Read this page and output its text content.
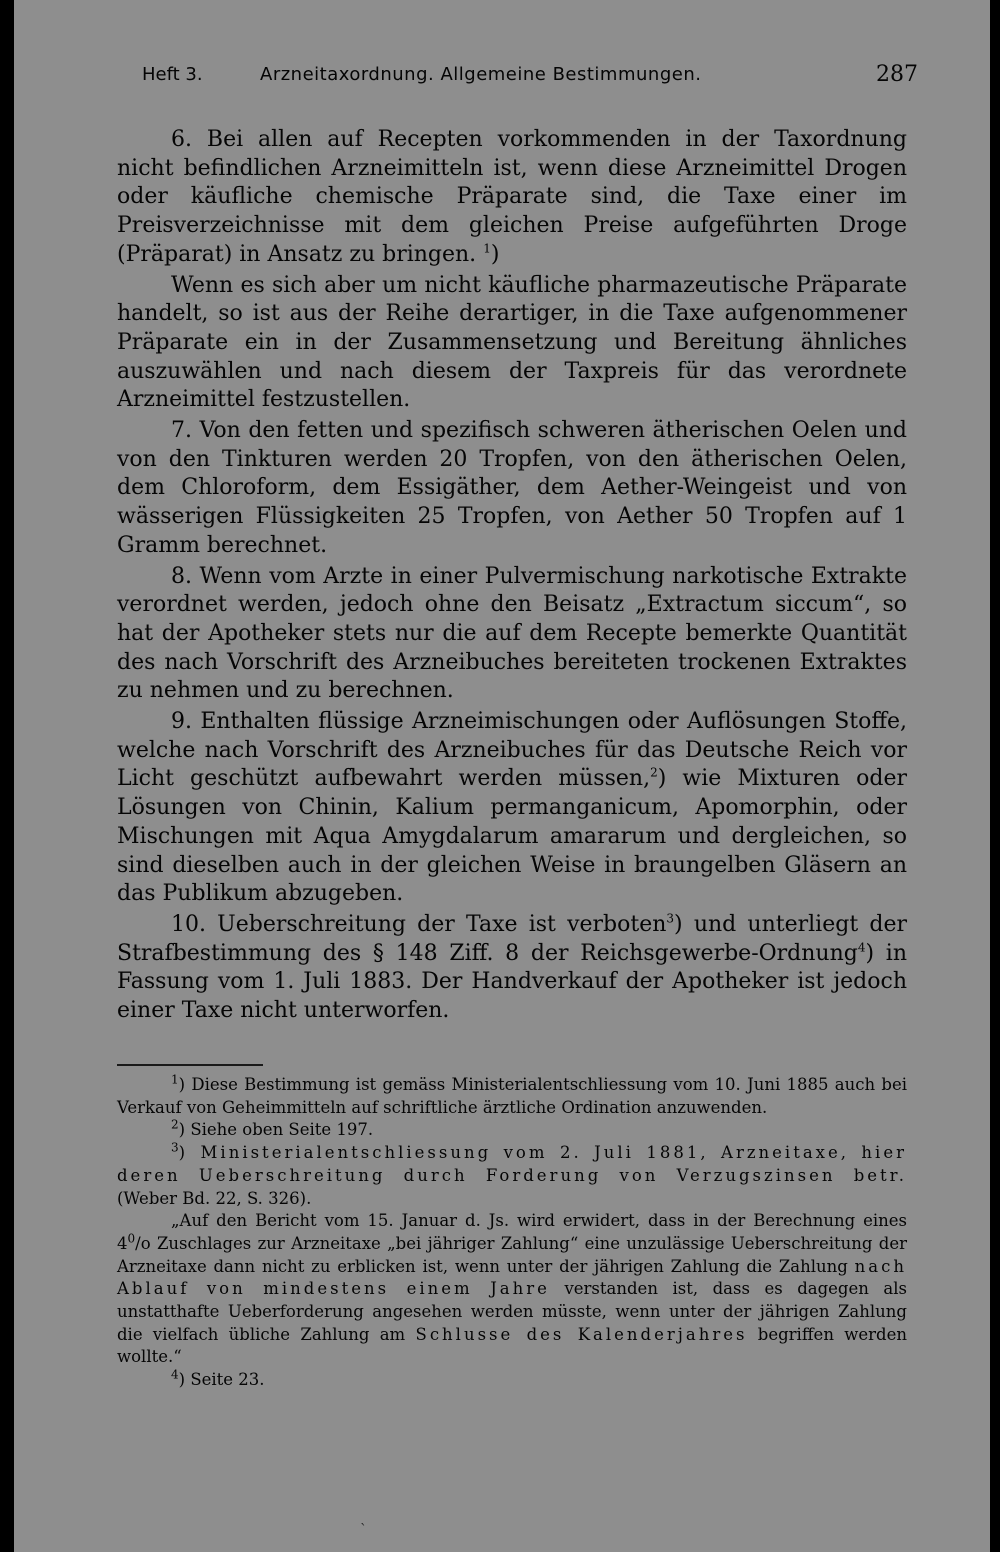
Heft 3.	Arzneitaxordnung. Allgemeine Bestimmungen.	287

6. Bei allen auf Recepten vorkommenden in der Taxordnung nicht befindlichen Arzneimitteln ist, wenn diese Arzneimittel Drogen oder käufliche chemische Präparate sind, die Taxe einer im Preisverzeichnisse mit dem gleichen Preise aufgeführten Droge (Präparat) in Ansatz zu bringen. $^1$)

Wenn es sich aber um nicht käufliche pharmazeutische Präparate handelt, so ist aus der Reihe derartiger, in die Taxe aufgenommener Präparate ein in der Zusammensetzung und Bereitung ähnliches auszuwählen und nach diesem der Taxpreis für das verordnete Arzneimittel festzustellen.

7. Von den fetten und spezifisch schweren ätherischen Oelen und von den Tinkturen werden 20 Tropfen, von den ätherischen Oelen, dem Chloroform, dem Essigäther, dem Aether-Weingeist und von wässerigen Flüssigkeiten 25 Tropfen, von Aether 50 Tropfen auf 1 Gramm berechnet.

8. Wenn vom Arzte in einer Pulvermischung narkotische Extrakte verordnet werden, jedoch ohne den Beisatz „Extractum siccum“, so hat der Apotheker stets nur die auf dem Recepte bemerkte Quantität des nach Vorschrift des Arzneibuches bereiteten trockenen Extraktes zu nehmen und zu berechnen.

9. Enthalten flüssige Arzneimischungen oder Auflösungen Stoffe, welche nach Vorschrift des Arzneibuches für das Deutsche Reich vor Licht geschützt aufbewahrt werden müssen,$^2$) wie Mixturen oder Lösungen von Chinin, Kalium permanganicum, Apomorphin, oder Mischungen mit Aqua Amygdalarum amararum und dergleichen, so sind dieselben auch in der gleichen Weise in braungelben Gläsern an das Publikum abzugeben.

10. Ueberschreitung der Taxe ist verboten$^3$) und unterliegt der Strafbestimmung des § 148 Ziff. 8 der Reichsgewerbe-Ordnung$^4$) in Fassung vom 1. Juli 1883. Der Handverkauf der Apotheker ist jedoch einer Taxe nicht unterworfen.

$^1$) Diese Bestimmung ist gemäss Ministerialentschliessung vom 10. Juni 1885 auch bei Verkauf von Geheimmitteln auf schriftliche ärztliche Ordination anzuwenden.

$^2$) Siehe oben Seite 197.

$^3$) Ministerialentschliessung vom 2. Juli 1881, Arzneitaxe, hier deren Ueberschreitung durch Forderung von Verzugszinsen betr. (Weber Bd. 22, S. 326).

„Auf den Bericht vom 15. Januar d. Js. wird erwidert, dass in der Berechnung eines $4^0/o$ Zuschlages zur Arzneitaxe „bei jähriger Zahlung“ eine unzulässige Ueberschreitung der Arzneitaxe dann nicht zu erblicken ist, wenn unter der jährigen Zahlung die Zahlung nach Ablauf von mindestens einem Jahre verstanden ist, dass es dagegen als unstatthafte Ueberforderung angesehen werden müsste, wenn unter der jährigen Zahlung die vielfach übliche Zahlung am Schlusse des Kalenderjahres begriffen werden wollte.“

$^4$) Seite 23.

`
